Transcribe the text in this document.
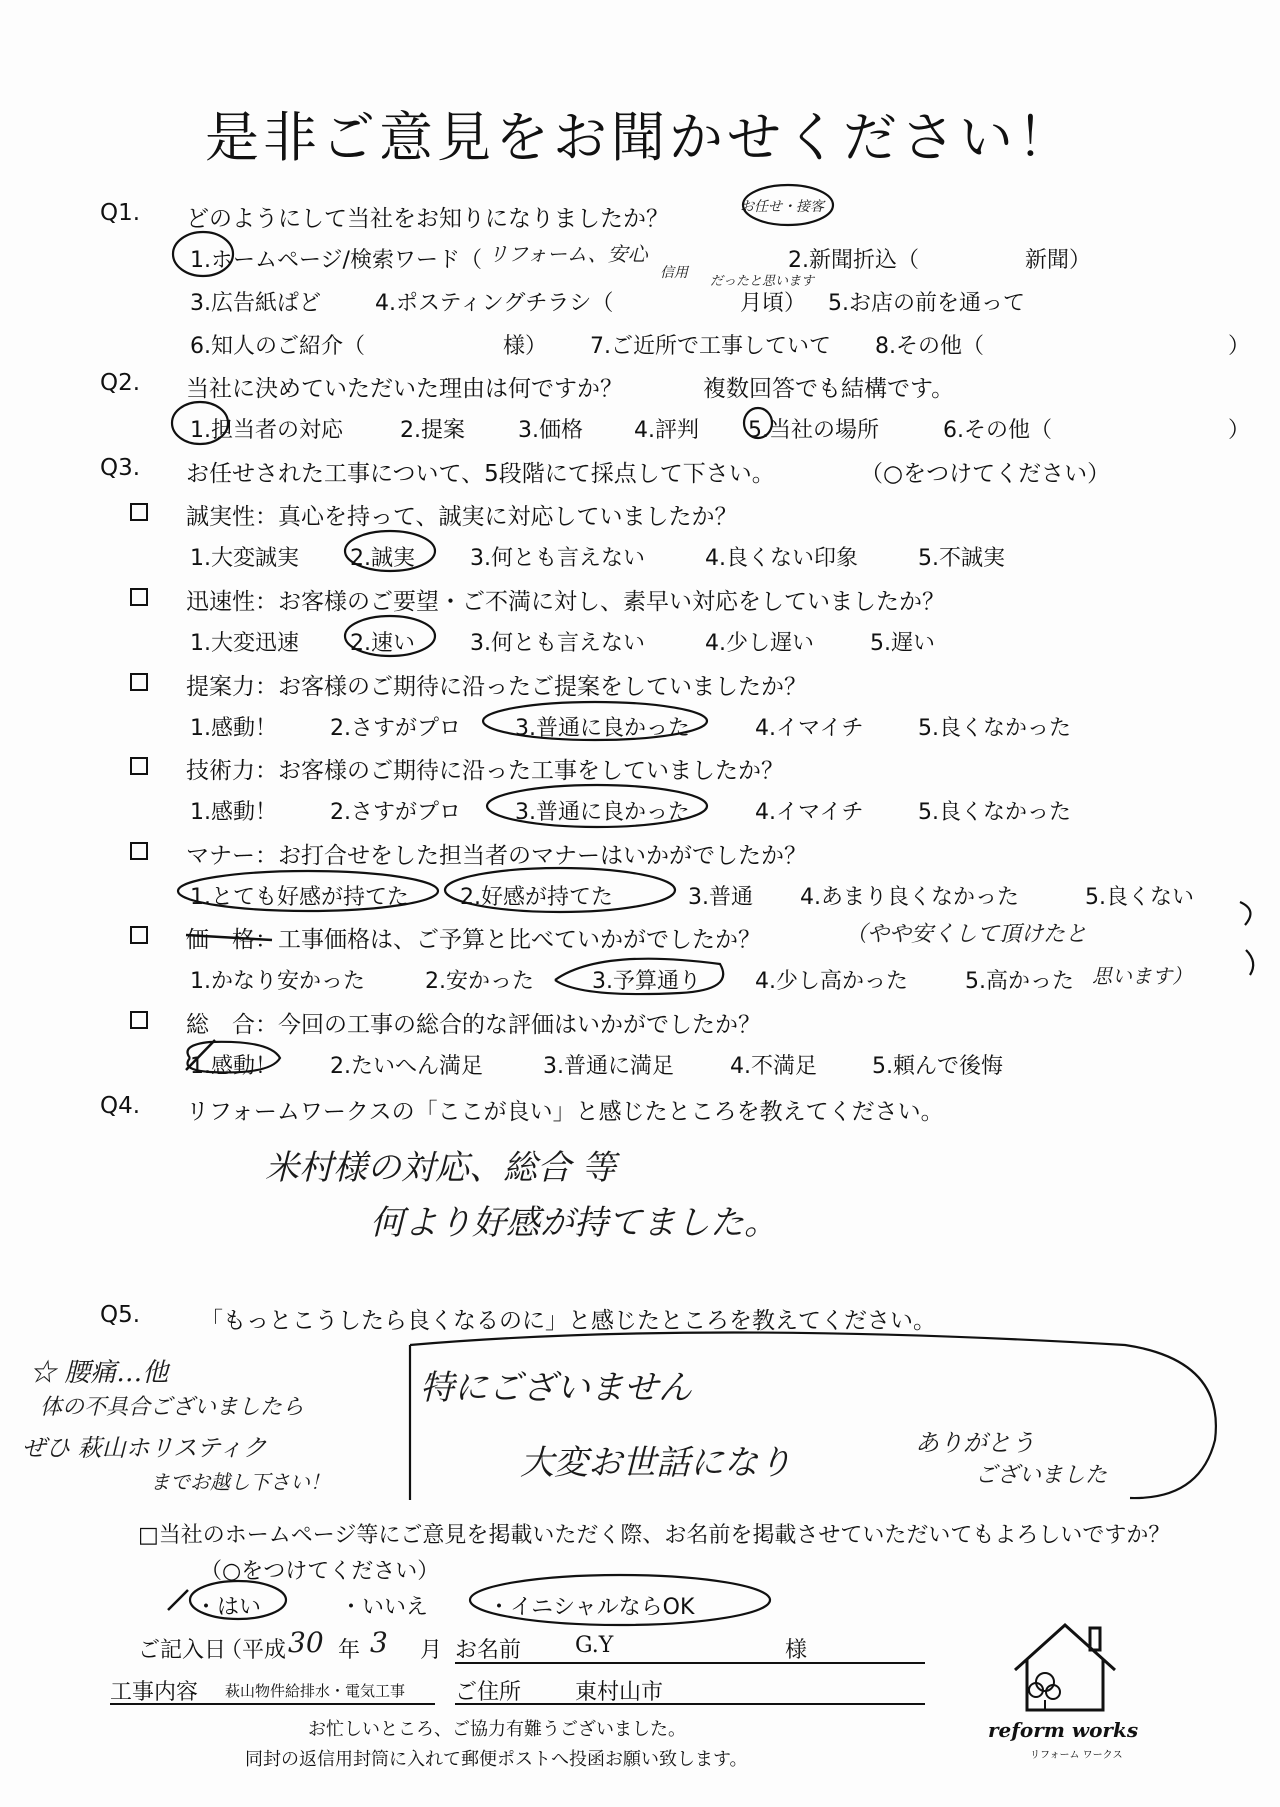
是非ご意見をお聞かせください！
Q1. どのようにして当社をお知りになりましたか？	お任せ・接客
1.ホームページ/検索ワード（ リフォーム、安心
信用
だったと思います
2.新聞折込（	新聞）
3.広告紙ぱど 4.ポスティングチラシ（	月頃） 5.お店の前を通って
6.知人のご紹介（	様） 7.ご近所で工事していて 8.その他（	）
Q2. 当社に決めていただいた理由は何ですか？	複数回答でも結構です。
1.担当者の対応	2.提案 3.価格 4.評判 5.当社の場所	6.その他（	）
Q3. お任せされた工事について、5段階にて採点して下さい。	（○をつけてください）
誠実性：真心を持って、誠実に対応していましたか？
1.大変誠実 2.誠実	3.何とも言えない	4.良くない印象	5.不誠実
迅速性：お客様のご要望・ご不満に対し、素早い対応をしていましたか？
1.大変迅速 2.速い	3.何とも言えない	4.少し遅い	5.遅い
提案力：お客様のご期待に沿ったご提案をしていましたか？
1.感動！ 2.さすがプロ 3.普通に良かった	4.イマイチ 5.良くなかった
技術力：お客様のご期待に沿った工事をしていましたか？
1.感動！ 2.さすがプロ 3.普通に良かった	4.イマイチ 5.良くなかった
マナー：お打合せをした担当者のマナーはいかがでしたか？
1.とても好感が持てた 2.好感が持てた	3.普通 4.あまり良くなかった	5.良くない
価　格：工事価格は、ご予算と比べていかがでしたか？	（やや安くして頂けたと
1.かなり安かった	2.安かった	3.予算通り 4.少し高かった	5.高かった 思います）
総　合：今回の工事の総合的な評価はいかがでしたか？
1.感動！ 2.たいへん満足	3.普通に満足	4.不満足	5.頼んで後悔
Q4. リフォームワークスの「ここが良い」と感じたところを教えてください。
米村様の対応、総合 等
何より好感が持てました。
Q5.	「もっとこうしたら良くなるのに」と感じたところを教えてください。
☆ 腰痛…他
体の不具合ございましたら
ぜひ 萩山ホリスティク
までお越し下さい！
特にございません
大変お世話になり	ありがとう
ございました
□当社のホームページ等にご意見を掲載いただく際、お名前を掲載させていただいてもよろしいですか？
（○をつけてください）
・はい	・いいえ	・イニシャルならOK
ご記入日
（平成 30 年 3 月 お名前 G.Y	様
工事内容 萩山物件給排水・電気工事 ご住所 東村山市
お忙しいところ、ご協力有難うございました。
同封の返信用封筒に入れて郵便ポストへ投函お願い致します。
reform works
リフォーム ワークス
